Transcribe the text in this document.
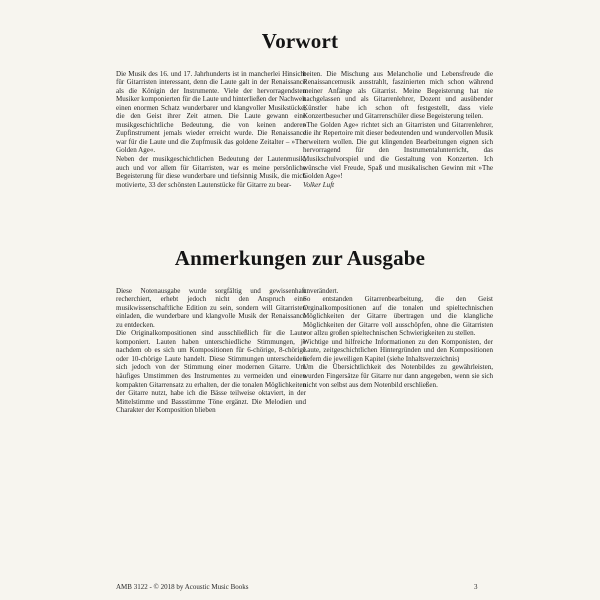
Vorwort

Die Musik des 16. und 17. Jahrhunderts ist in mancherlei Hinsicht für Gitarristen interessant, denn die Laute galt in der Renaissance als die Königin der Instrumente. Viele der hervorragendsten Musiker komponierten für die Laute und hinterließen der Nachwelt einen enormen Schatz wunderbarer und klangvoller Musikstücke, die den Geist ihrer Zeit atmen. Die Laute gewann eine musikgeschichtliche Bedeutung, die von keinen anderen Zupfinstrument jemals wieder erreicht wurde. Die Renaissance war für die Laute und die Zupfmusik das goldene Zeitalter – »The Golden Age«.
Neben der musikgeschichtlichen Bedeutung der Lautenmusik, auch und vor allem für Gitarristen, war es meine persönliche Begeisterung für diese wunderbare und tiefsinnig Musik, die mich motivierte, 33 der schönsten Lautenstücke für Gitarre zu bear-

beiten. Die Mischung aus Melancholie und Lebensfreude die Renaissancemusik ausstrahlt, faszinierten mich schon während meiner Anfänge als Gitarrist. Meine Begeisterung hat nie nachgelassen und als Gitarrenlehrer, Dozent und ausübender Künstler habe ich schon oft festgestellt, dass viele Konzertbesucher und Gitarrenschüler diese Begeisterung teilen.
»The Golden Age« richtet sich an Gitarristen und Gitarrenlehrer, die ihr Repertoire mit dieser bedeutenden und wundervollen Musik erweitern wollen. Die gut klingenden Bearbeitungen eignen sich hervorragend für den Instrumentalunterricht, das Musikschulvorspiel und die Gestaltung von Konzerten. Ich wünsche viel Freude, Spaß und musikalischen Gewinn mit »The Golden Age«!

Volker Luft

Anmerkungen zur Ausgabe

Diese Notenausgabe wurde sorgfältig und gewissenhaft recherchiert, erhebt jedoch nicht den Anspruch eine musikwissenschaftliche Edition zu sein, sondern will Gitarristen einladen, die wunderbare und klangvolle Musik der Renaissance zu entdecken.
Die Originalkompositionen sind ausschließlich für die Laute komponiert. Lauten haben unterschiedliche Stimmungen, je nachdem ob es sich um Kompositionen für 6-chörige, 8-chörige oder 10-chörige Laute handelt. Diese Stimmungen unterscheiden sich jedoch von der Stimmung einer modernen Gitarre. Um häufiges Umstimmen des Instrumentes zu vermeiden und einen kompakten Gitarrensatz zu erhalten, der die tonalen Möglichkeiten der Gitarre nutzt, habe ich die Bässe teilweise oktaviert, in der Mittelstimme und Bassstimme Töne ergänzt. Die Melodien und Charakter der Komposition blieben

unverändert.
So entstanden Gitarrenbearbeitung, die den Geist Orginalkompositionen auf die tonalen und spieltechnischen Möglichkeiten der Gitarre übertragen und die klangliche Möglichkeiten der Gitarre voll ausschöpfen, ohne die Gitarristen vor allzu großen spieltechnischen Schwierigkeiten zu stellen.
Wichtige und hilfreiche Informationen zu den Komponisten, der Laute, zeitgeschichtlichen Hintergründen und den Kompositionen liefern die jeweiligen Kapitel (siehe Inhaltsverzeichnis)
Um die Übersichtlichkeit des Notenbildes zu gewährleisten, wurden Fingersätze für Gitarre nur dann angegeben, wenn sie sich nicht von selbst aus dem Notenbild erschließen.

AMB 3122 - © 2018 by Acoustic Music Books	3
